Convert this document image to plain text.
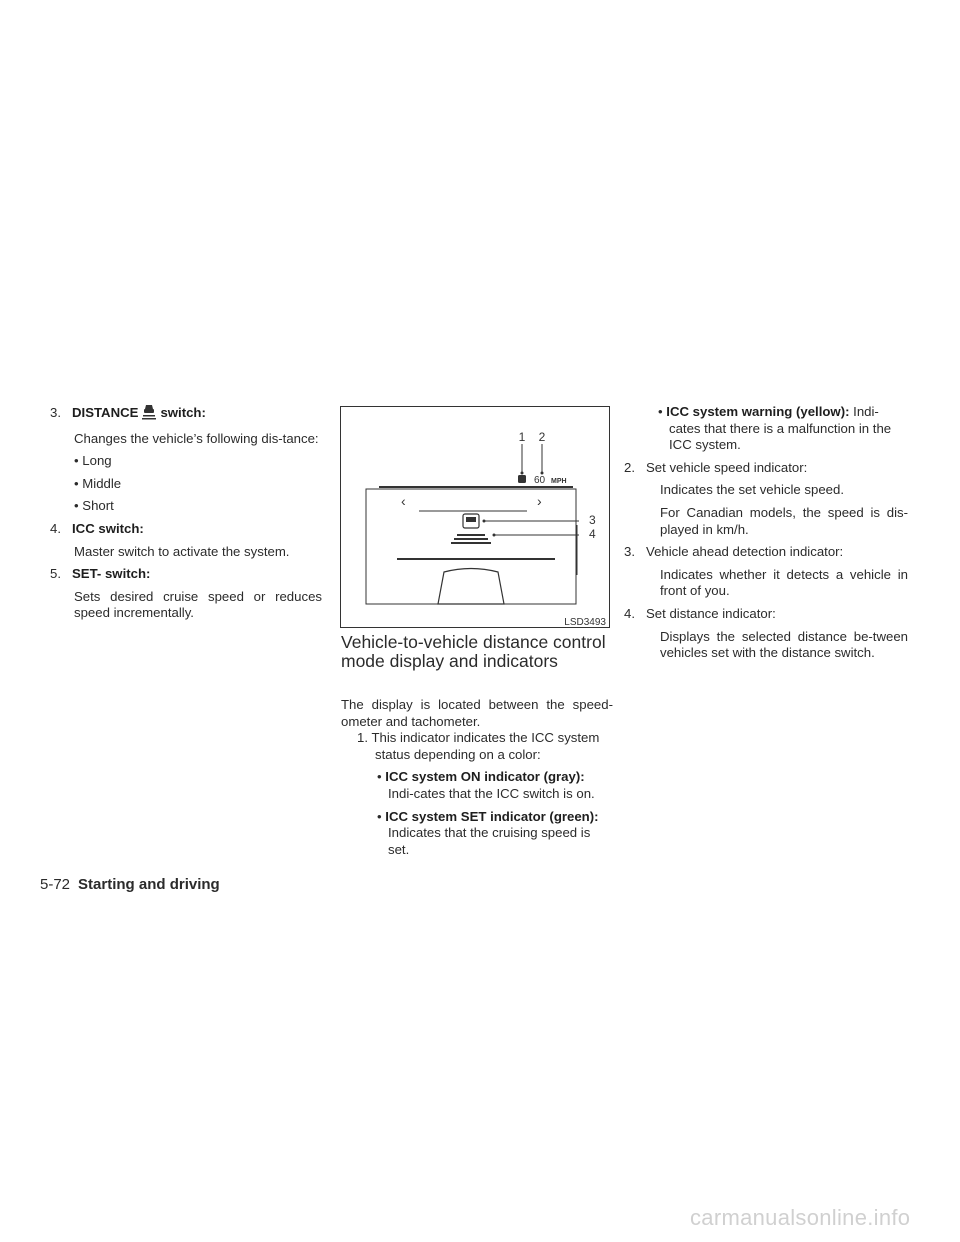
3. DISTANCE switch:

Changes the vehicle’s following dis-tance:

• Long

• Middle

• Short

4. ICC switch:

Master switch to activate the system.

5. SET- switch:

Sets desired cruise speed or reduces speed incrementally.

1 2
3
4
60 MPH
‹	›
LSD3493
Vehicle-to-vehicle distance control mode display and indicators

The display is located between the speed-ometer and tachometer.

1. This indicator indicates the ICC system status depending on a color:

• ICC system ON indicator (gray): Indi-cates that the ICC switch is on.

• ICC system SET indicator (green): Indicates that the cruising speed is set.

• ICC system warning (yellow): Indi-cates that there is a malfunction in the ICC system.

2. Set vehicle speed indicator:

Indicates the set vehicle speed.

For Canadian models, the speed is dis-played in km/h.

3. Vehicle ahead detection indicator:

Indicates whether it detects a vehicle in front of you.

4. Set distance indicator:

Displays the selected distance be-tween vehicles set with the distance switch.

5-72 Starting and driving
carmanualsonline.info
